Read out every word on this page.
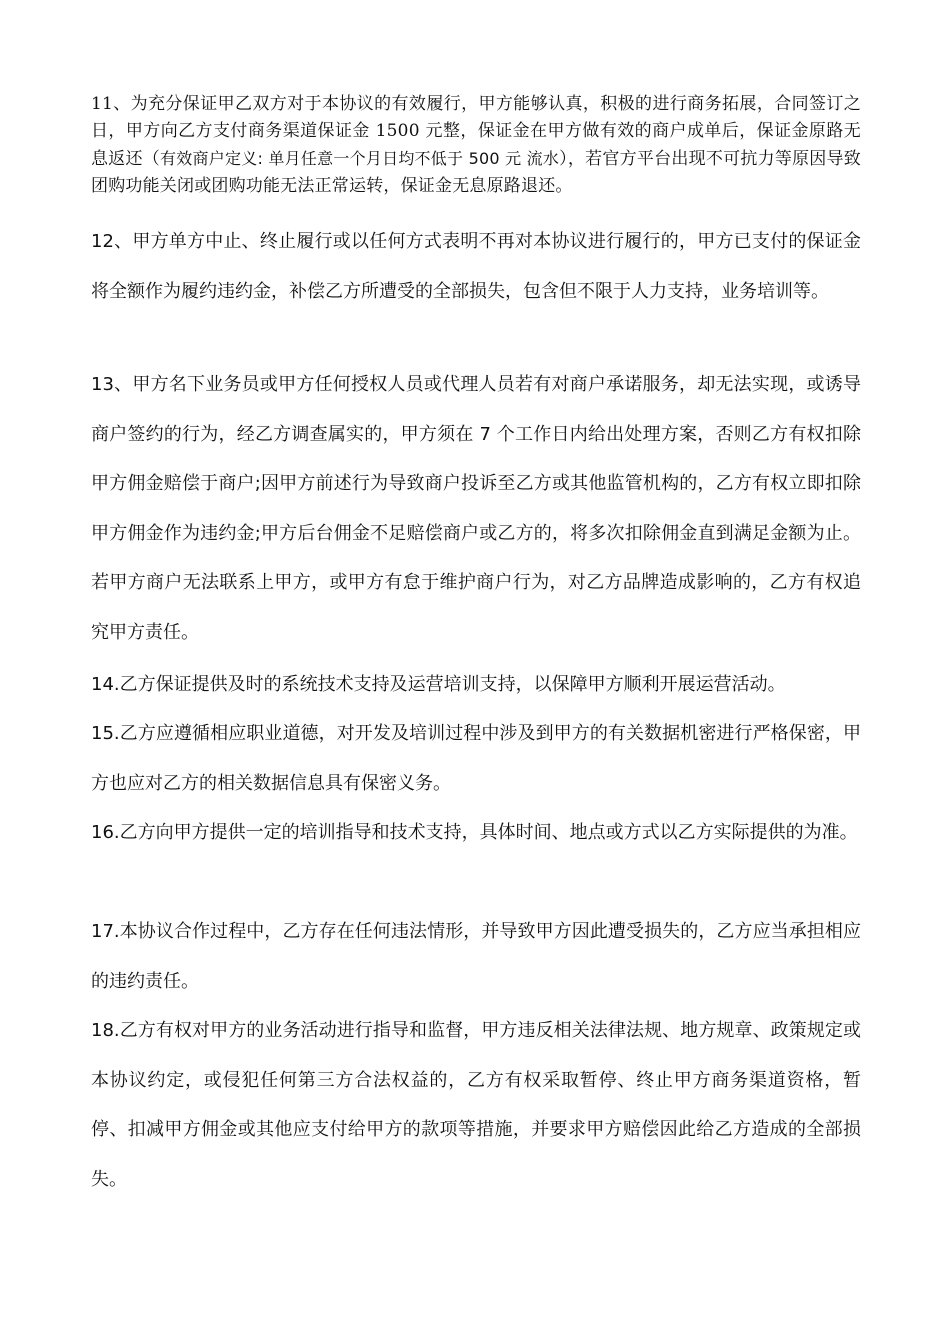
11、为充分保证甲乙双方对于本协议的有效履行，甲方能够认真，积极的进行商务拓展，合同签订之日，甲方向乙方支付商务渠道保证金 1500 元整，保证金在甲方做有效的商户成单后，保证金原路无息返还（有效商户定义: 单月任意一个月日均不低于 500 元 流水），若官方平台出现不可抗力等原因导致团购功能关闭或团购功能无法正常运转，保证金无息原路退还。

12、甲方单方中止、终止履行或以任何方式表明不再对本协议进行履行的，甲方已支付的保证金将全额作为履约违约金，补偿乙方所遭受的全部损失，包含但不限于人力支持，业务培训等。

13、甲方名下业务员或甲方任何授权人员或代理人员若有对商户承诺服务，却无法实现，或诱导商户签约的行为，经乙方调查属实的，甲方须在 7 个工作日内给出处理方案，否则乙方有权扣除甲方佣金赔偿于商户;因甲方前述行为导致商户投诉至乙方或其他监管机构的，乙方有权立即扣除甲方佣金作为违约金;甲方后台佣金不足赔偿商户或乙方的，将多次扣除佣金直到满足金额为止。若甲方商户无法联系上甲方，或甲方有怠于维护商户行为，对乙方品牌造成影响的，乙方有权追究甲方责任。

14.乙方保证提供及时的系统技术支持及运营培训支持，以保障甲方顺利开展运营活动。

15.乙方应遵循相应职业道德，对开发及培训过程中涉及到甲方的有关数据机密进行严格保密，甲方也应对乙方的相关数据信息具有保密义务。

16.乙方向甲方提供一定的培训指导和技术支持，具体时间、地点或方式以乙方实际提供的为准。

17.本协议合作过程中，乙方存在任何违法情形，并导致甲方因此遭受损失的，乙方应当承担相应的违约责任。

18.乙方有权对甲方的业务活动进行指导和监督，甲方违反相关法律法规、地方规章、政策规定或本协议约定，或侵犯任何第三方合法权益的，乙方有权采取暂停、终止甲方商务渠道资格，暂停、扣减甲方佣金或其他应支付给甲方的款项等措施，并要求甲方赔偿因此给乙方造成的全部损失。
